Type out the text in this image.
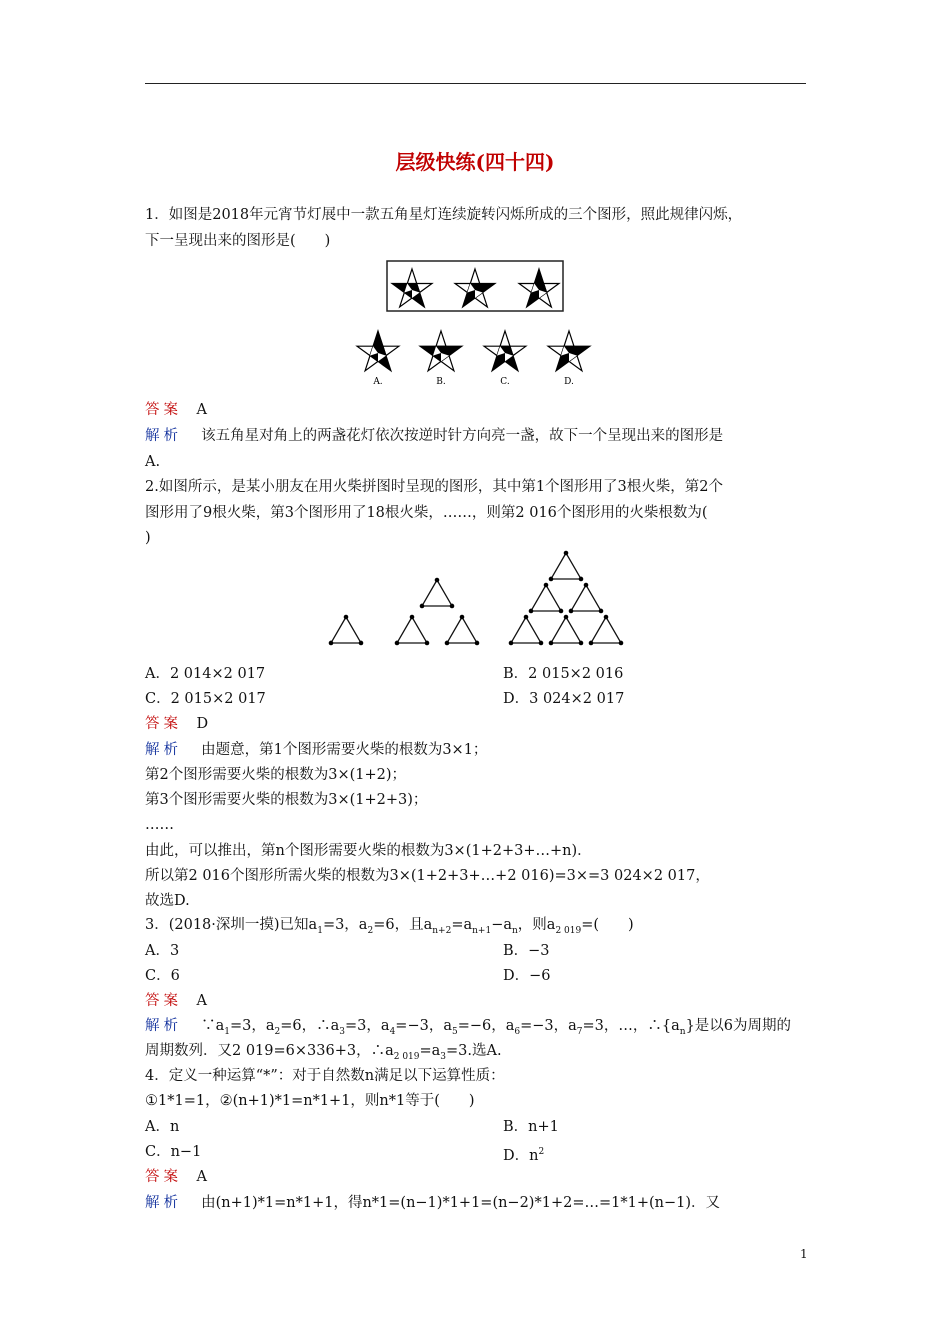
层级快练(四十四)
1．如图是2018年元宵节灯展中一款五角星灯连续旋转闪烁所成的三个图形，照此规律闪烁，
下一呈现出来的图形是(　　)
A.	B.	C.	D.
答案　 A
解析　 该五角星对角上的两盏花灯依次按逆时针方向亮一盏，故下一个呈现出来的图形是
A.
2.如图所示，是某小朋友在用火柴拼图时呈现的图形，其中第1个图形用了3根火柴，第2个
图形用了9根火柴，第3个图形用了18根火柴，……，则第2 016个图形用的火柴根数为(
)
A．2 014×2 017	B．2 015×2 016
C．2 015×2 017	D．3 024×2 017
答案　 D
解析　 由题意，第1个图形需要火柴的根数为3×1；
第2个图形需要火柴的根数为3×(1+2)；
第3个图形需要火柴的根数为3×(1+2+3)；
……
由此，可以推出，第n个图形需要火柴的根数为3×(1+2+3+…+n)．
所以第2 016个图形所需火柴的根数为3×(1+2+3+…+2 016)=3×=3 024×2 017，
故选D.
3．(2018·深圳一摸)已知$a_1=3$，$a_2=6$，且$a_{n+2}=a_{n+1}-a_n$，则$a_{2 019}=$(　　)
A．3	B．−3
C．6	D．−6
答案　 A
解析　 $\because a_1=3$，$a_2=6$，$\therefore a_3=3$，$a_4=-3$，$a_5=-6$，$a_6=-3$，$a_7=3$，…，$\therefore\{a_n\}$是以6为周期的
周期数列．又2 019=6×336+3，$\therefore a_{2 019}=a_3=3$.选A.
4．定义一种运算“*”：对于自然数n满足以下运算性质：
①1*1=1，②(n+1)*1=n*1+1，则n*1等于(　　)
A．n	B．n+1
C．n−1	D．$n^2$
答案　 A
解析　 由(n+1)*1=n*1+1，得n*1=(n−1)*1+1=(n−2)*1+2=…=1*1+(n−1)．又
1
